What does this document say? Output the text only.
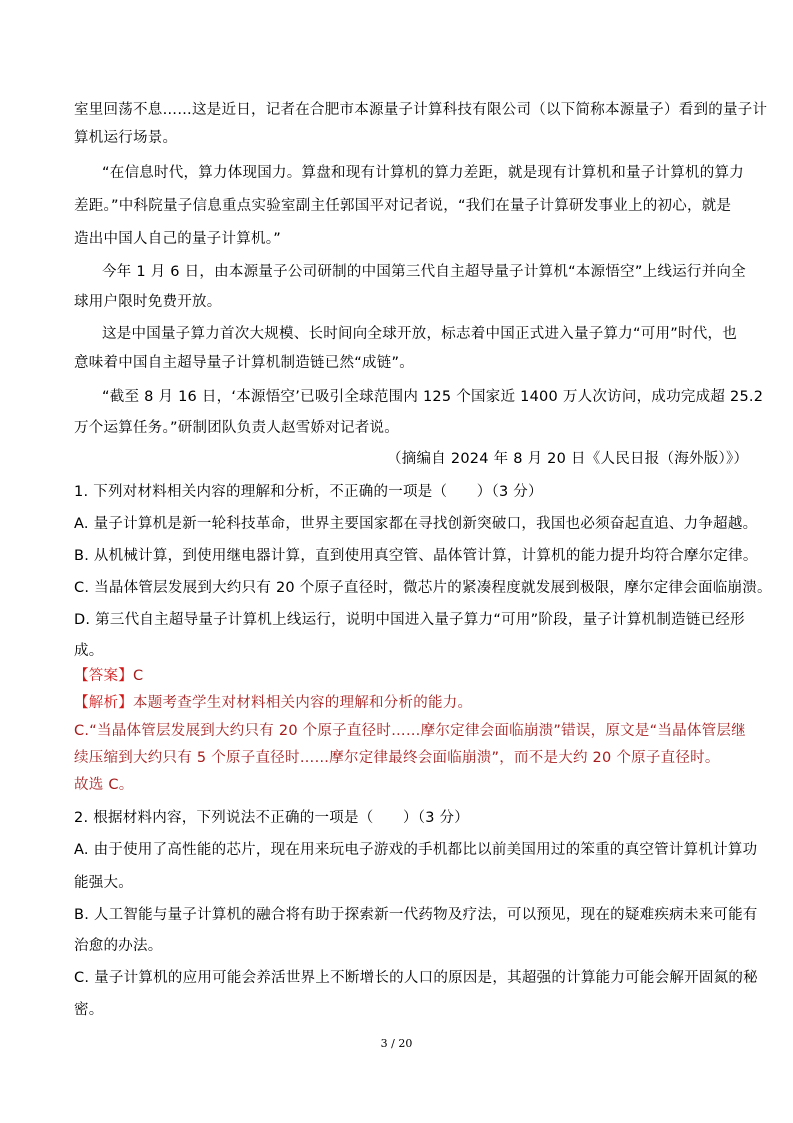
室里回荡不息……这是近日，记者在合肥市本源量子计算科技有限公司（以下简称本源量子）看到的量子计
算机运行场景。
“在信息时代，算力体现国力。算盘和现有计算机的算力差距，就是现有计算机和量子计算机的算力
差距。”中科院量子信息重点实验室副主任郭国平对记者说，“我们在量子计算研发事业上的初心，就是
造出中国人自己的量子计算机。”
今年 1 月 6 日，由本源量子公司研制的中国第三代自主超导量子计算机“本源悟空”上线运行并向全
球用户限时免费开放。
这是中国量子算力首次大规模、长时间向全球开放，标志着中国正式进入量子算力“可用”时代，也
意味着中国自主超导量子计算机制造链已然“成链”。
“截至 8 月 16 日，‘本源悟空’已吸引全球范围内 125 个国家近 1400 万人次访问，成功完成超 25.2
万个运算任务。”研制团队负责人赵雪娇对记者说。
（摘编自 2024 年 8 月 20 日《人民日报（海外版）》）
1. 下列对材料相关内容的理解和分析，不正确的一项是（　　）（3 分）
A. 量子计算机是新一轮科技革命，世界主要国家都在寻找创新突破口，我国也必须奋起直追、力争超越。
B. 从机械计算，到使用继电器计算，直到使用真空管、晶体管计算，计算机的能力提升均符合摩尔定律。
C. 当晶体管层发展到大约只有 20 个原子直径时，微芯片的紧凑程度就发展到极限，摩尔定律会面临崩溃。
D. 第三代自主超导量子计算机上线运行，说明中国进入量子算力“可用”阶段，量子计算机制造链已经形
成。
【答案】C
【解析】本题考查学生对材料相关内容的理解和分析的能力。
C.“当晶体管层发展到大约只有 20 个原子直径时……摩尔定律会面临崩溃”错误，原文是“当晶体管层继
续压缩到大约只有 5 个原子直径时……摩尔定律最终会面临崩溃”，而不是大约 20 个原子直径时。
故选 C。
2. 根据材料内容，下列说法不正确的一项是（　　）（3 分）
A. 由于使用了高性能的芯片，现在用来玩电子游戏的手机都比以前美国用过的笨重的真空管计算机计算功
能强大。
B. 人工智能与量子计算机的融合将有助于探索新一代药物及疗法，可以预见，现在的疑难疾病未来可能有
治愈的办法。
C. 量子计算机的应用可能会养活世界上不断增长的人口的原因是，其超强的计算能力可能会解开固氮的秘
密。
3 / 20
